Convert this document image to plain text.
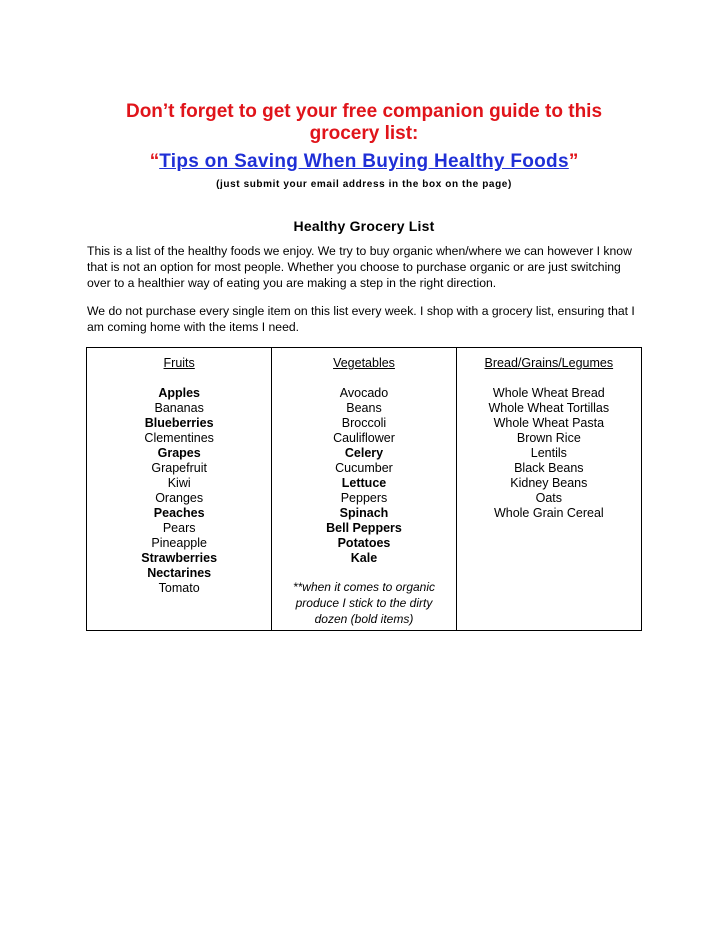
Don’t forget to get your free companion guide to this
grocery list:
“Tips on Saving When Buying Healthy Foods”
(just submit your email address in the box on the page)
Healthy Grocery List
This is a list of the healthy foods we enjoy. We try to buy organic when/where we can however I know that is not an option for most people. Whether you choose to purchase organic or are just switching over to a healthier way of eating you are making a step in the right direction.
We do not purchase every single item on this list every week. I shop with a grocery list, ensuring that I am coming home with the items I need.
Fruits
Apples
Bananas
Blueberries
Clementines
Grapes
Grapefruit
Kiwi
Oranges
Peaches
Pears
Pineapple
Strawberries
Nectarines
Tomato
Vegetables
Avocado
Beans
Broccoli
Cauliflower
Celery
Cucumber
Lettuce
Peppers
Spinach
Bell Peppers
Potatoes
Kale
**when it comes to organic produce I stick to the dirty dozen (bold items)
Bread/Grains/Legumes
Whole Wheat Bread
Whole Wheat Tortillas
Whole Wheat Pasta
Brown Rice
Lentils
Black Beans
Kidney Beans
Oats
Whole Grain Cereal
